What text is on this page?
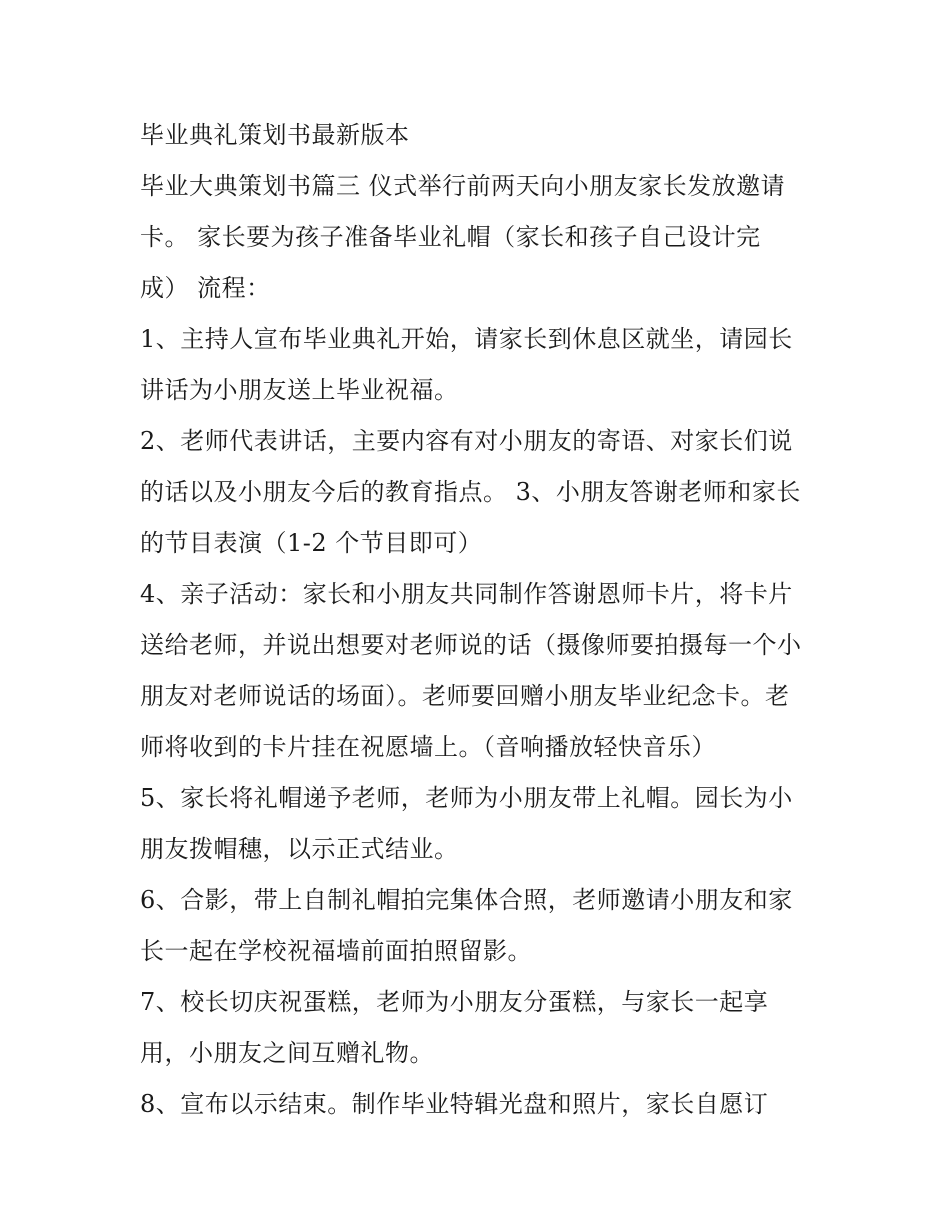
毕业典礼策划书最新版本
毕业大典策划书篇三 仪式举行前两天向小朋友家长发放邀请
卡。 家长要为孩子准备毕业礼帽（家长和孩子自己设计完
成） 流程：
1、主持人宣布毕业典礼开始，请家长到休息区就坐，请园长
讲话为小朋友送上毕业祝福。
2、老师代表讲话，主要内容有对小朋友的寄语、对家长们说
的话以及小朋友今后的教育指点。 3、小朋友答谢老师和家长
的节目表演（1-2 个节目即可）
4、亲子活动：家长和小朋友共同制作答谢恩师卡片，将卡片
送给老师，并说出想要对老师说的话（摄像师要拍摄每一个小
朋友对老师说话的场面）。老师要回赠小朋友毕业纪念卡。老
师将收到的卡片挂在祝愿墙上。（音响播放轻快音乐）
5、家长将礼帽递予老师，老师为小朋友带上礼帽。园长为小
朋友拨帽穗，以示正式结业。
6、合影，带上自制礼帽拍完集体合照，老师邀请小朋友和家
长一起在学校祝福墙前面拍照留影。
7、校长切庆祝蛋糕，老师为小朋友分蛋糕，与家长一起享
用，小朋友之间互赠礼物。
8、宣布以示结束。制作毕业特辑光盘和照片，家长自愿订
